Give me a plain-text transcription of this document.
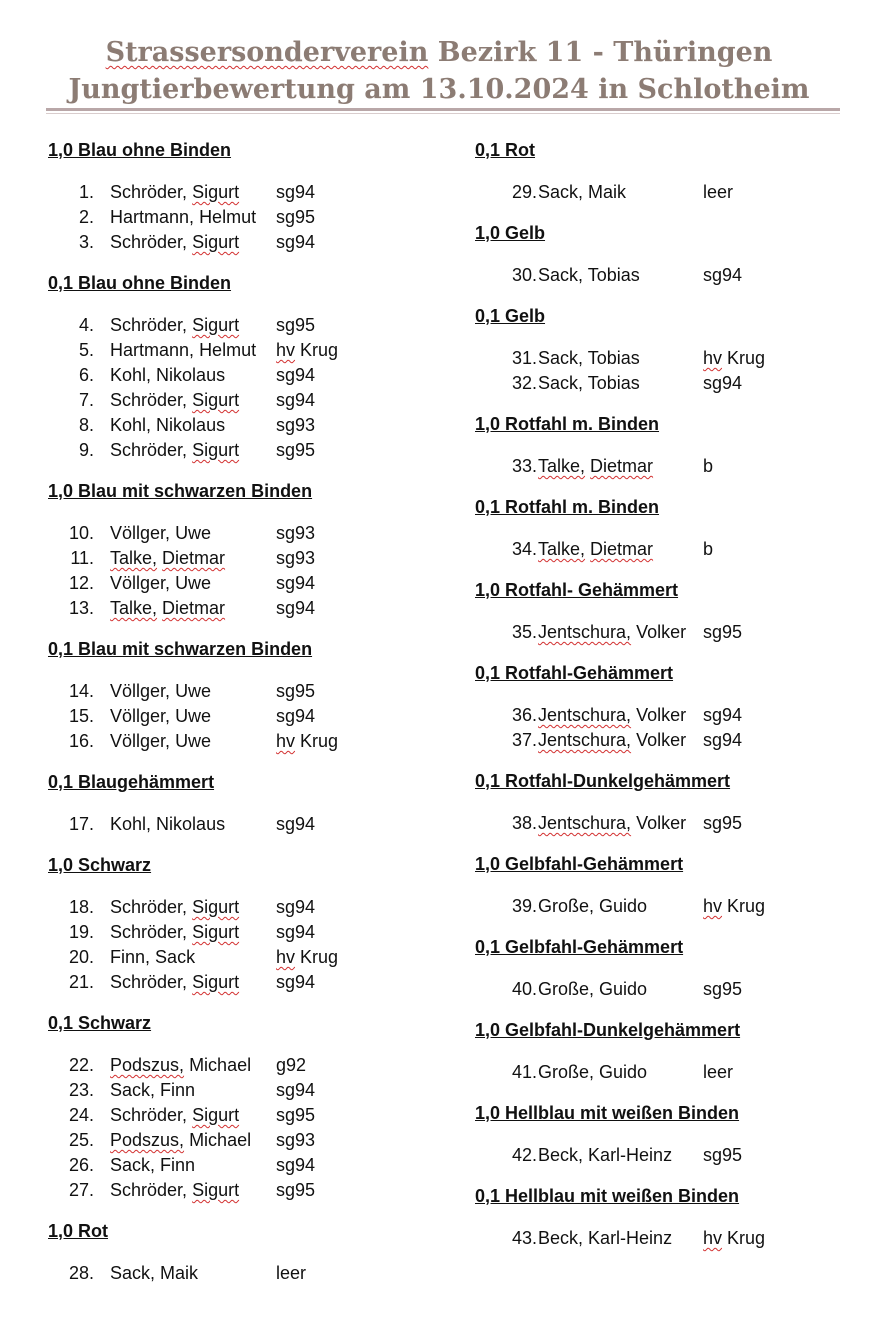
Strassersonderverein Bezirk 11 - Thüringen
Jungtierbewertung am 13.10.2024 in Schlotheim
1,0 Blau ohne Binden
1. Schröder, Sigurt sg94
2. Hartmann, Helmut sg95
3. Schröder, Sigurt sg94
0,1 Blau ohne Binden
4. Schröder, Sigurt sg95
5. Hartmann, Helmut hv Krug
6. Kohl, Nikolaus	sg94
7. Schröder, Sigurt sg94
8. Kohl, Nikolaus	sg93
9. Schröder, Sigurt sg95
1,0 Blau mit schwarzen Binden
10. Völlger, Uwe	sg93
11. Talke, Dietmar	sg93
12. Völlger, Uwe	sg94
13. Talke, Dietmar	sg94
0,1 Blau mit schwarzen Binden
14. Völlger, Uwe	sg95
15. Völlger, Uwe	sg94
16. Völlger, Uwe	hv Krug
0,1 Blaugehämmert
17. Kohl, Nikolaus	sg94
1,0 Schwarz
18. Schröder, Sigurt sg94
19. Schröder, Sigurt sg94
20. Finn, Sack	hv Krug
21. Schröder, Sigurt sg94
0,1 Schwarz
22. Podszus, Michael g92
23. Sack, Finn	sg94
24. Schröder, Sigurt sg95
25. Podszus, Michael sg93
26. Sack, Finn	sg94
27. Schröder, Sigurt sg95
1,0 Rot
28. Sack, Maik	leer
0,1 Rot
29. Sack, Maik	leer
1,0 Gelb
30. Sack, Tobias	sg94
0,1 Gelb
31. Sack, Tobias	hv Krug
32. Sack, Tobias	sg94
1,0 Rotfahl m. Binden
33. Talke, Dietmar	b
0,1 Rotfahl m. Binden
34. Talke, Dietmar	b
1,0 Rotfahl- Gehämmert
35. Jentschura, Volker sg95
0,1 Rotfahl-Gehämmert
36. Jentschura, Volker sg94
37. Jentschura, Volker sg94
0,1 Rotfahl-Dunkelgehämmert
38. Jentschura, Volker sg95
1,0 Gelbfahl-Gehämmert
39. Große, Guido	hv Krug
0,1 Gelbfahl-Gehämmert
40. Große, Guido	sg95
1,0 Gelbfahl-Dunkelgehämmert
41. Große, Guido	leer
1,0 Hellblau mit weißen Binden
42. Beck, Karl-Heinz sg95
0,1 Hellblau mit weißen Binden
43. Beck, Karl-Heinz hv Krug
